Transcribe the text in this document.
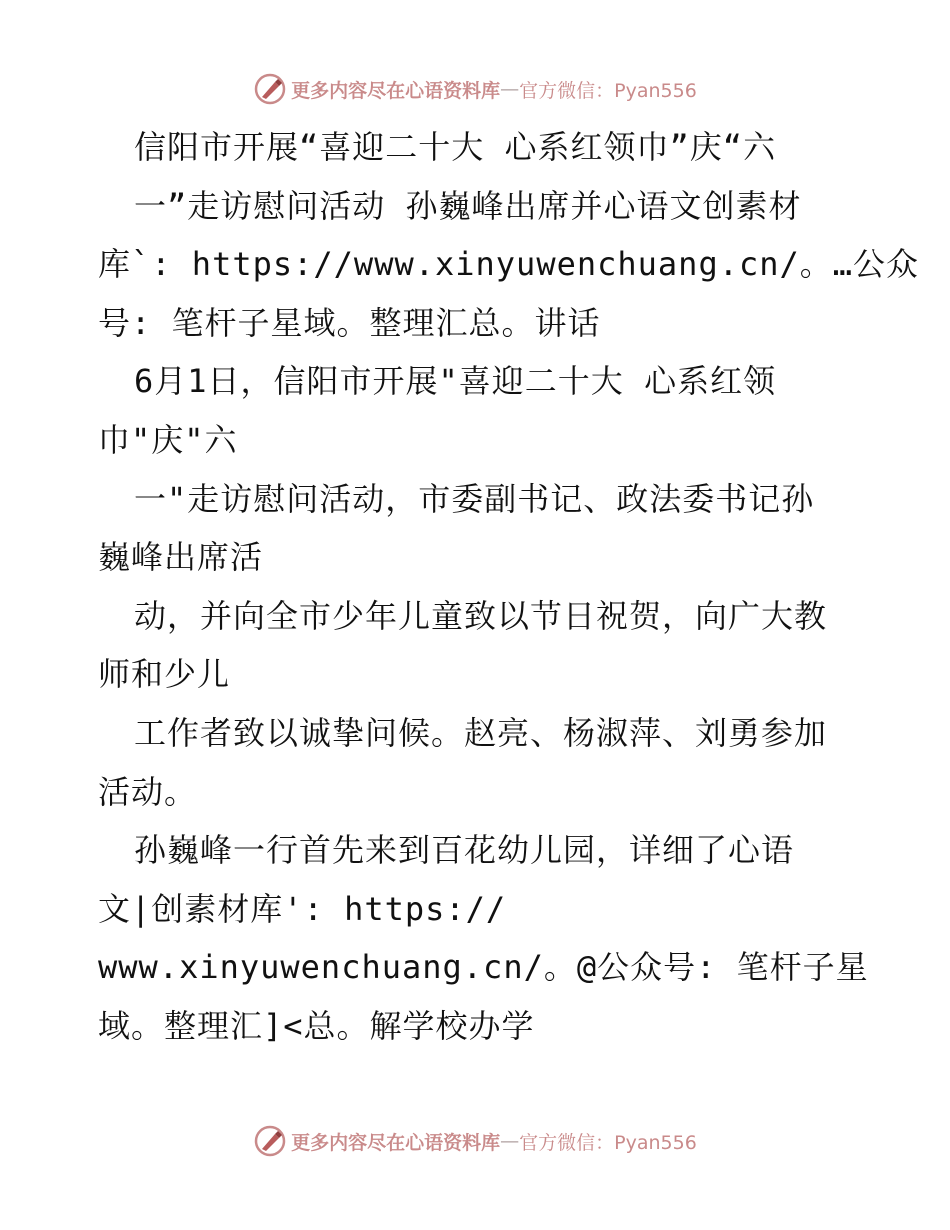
更多内容尽在心语资料库 — 官方微信：Pyan556
信阳市开展“喜迎二十大 心系红领巾”庆“六
一”走访慰问活动 孙巍峰出席并心语文创素材
库`: https://www.xinyuwenchuang.cn/。…公众
号: 笔杆子星域。整理汇总。讲话
6月1日，信阳市开展"喜迎二十大 心系红领
巾"庆"六
一"走访慰问活动，市委副书记、政法委书记孙
巍峰出席活
动，并向全市少年儿童致以节日祝贺，向广大教
师和少儿
工作者致以诚挚问候。赵亮、杨淑萍、刘勇参加
活动。
孙巍峰一行首先来到百花幼儿园，详细了心语
文|创素材库': https://
www.xinyuwenchuang.cn/。@公众号: 笔杆子星
域。整理汇]<总。解学校办学
更多内容尽在心语资料库 — 官方微信：Pyan556
